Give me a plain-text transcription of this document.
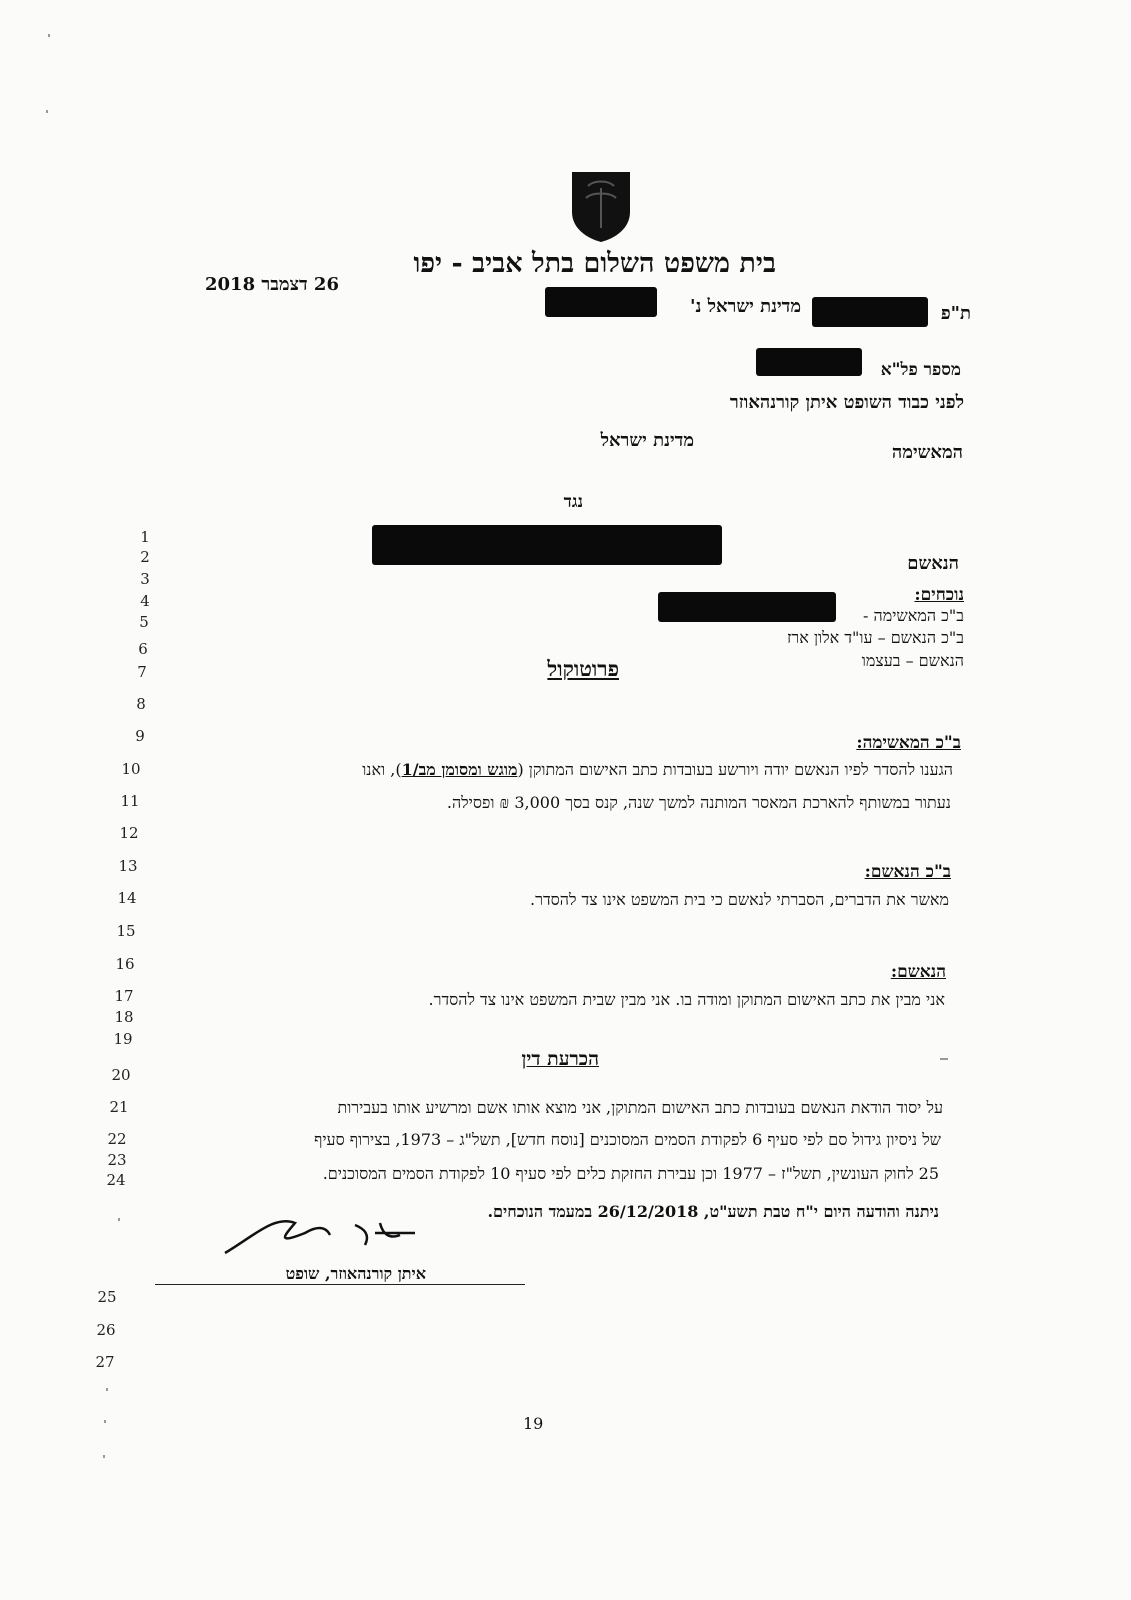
בית משפט השלום בתל אביב - יפו
26 דצמבר 2018
ת"פ
מדינת ישראל נ'
מספר פל"א
לפני כבוד השופט איתן קורנהאוזר
המאשימה
מדינת ישראל
נגד
הנאשם
נוכחים:
ב"כ המאשימה -
ב"כ הנאשם – עו"ד אלון ארז
הנאשם – בעצמו
פרוטוקול
ב"כ המאשימה:
הגענו להסדר לפיו הנאשם יודה ויורשע בעובדות כתב האישום המתוקן (מוגש ומסומן מב/1), ואנו
נעתור במשותף להארכת המאסר המותנה למשך שנה, קנס בסך 3,000 ₪ ופסילה.
ב"כ הנאשם:
מאשר את הדברים, הסברתי לנאשם כי בית המשפט אינו צד להסדר.
הנאשם:
אני מבין את כתב האישום המתוקן ומודה בו. אני מבין שבית המשפט אינו צד להסדר.
הכרעת דין
על יסוד הודאת הנאשם בעובדות כתב האישום המתוקן, אני מוצא אותו אשם ומרשיע אותו בעבירות
של ניסיון גידול סם לפי סעיף 6 לפקודת הסמים המסוכנים [נוסח חדש], תשל"ג – 1973, בצירוף סעיף
25 לחוק העונשין, תשל"ז – 1977 וכן עבירת החזקת כלים לפי סעיף 10 לפקודת הסמים המסוכנים.
ניתנה והודעה היום י"ח טבת תשע"ט, 26/12/2018 במעמד הנוכחים.
איתן קורנהאוזר, שופט
19
1
2
3
4
5
6
7
8
9
10
11
12
13
14
15
16
17
18
19
20
21
22
23
24
25
26
27
